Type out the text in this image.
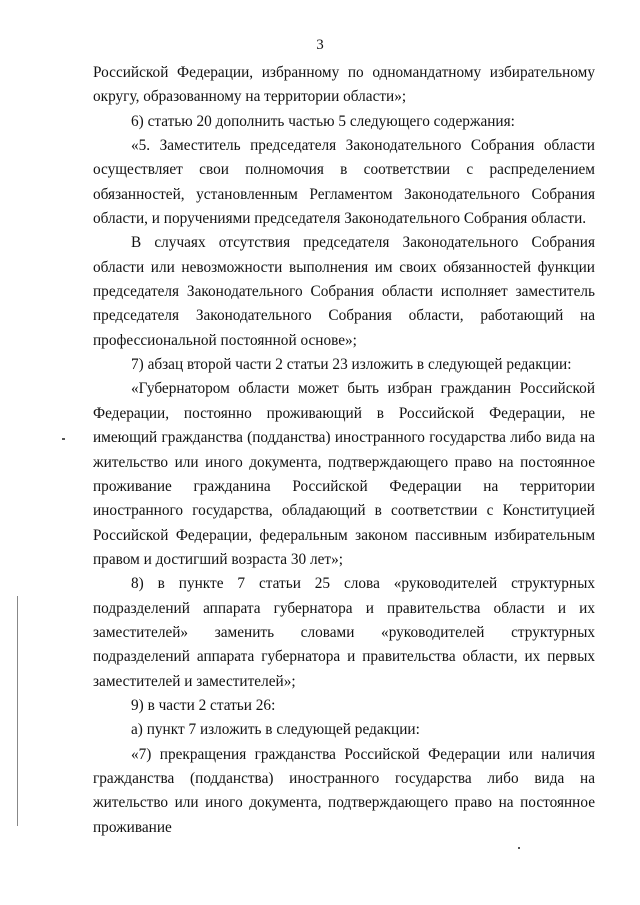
3

Российской Федерации, избранному по одномандатному избирательному округу, образованному на территории области»;

6) статью 20 дополнить частью 5 следующего содержания:

«5. Заместитель председателя Законодательного Собрания области осуществляет свои полномочия в соответствии с распределением обязанностей, установленным Регламентом Законодательного Собрания области, и поручениями председателя Законодательного Собрания области.

В случаях отсутствия председателя Законодательного Собрания области или невозможности выполнения им своих обязанностей функции председателя Законодательного Собрания области исполняет заместитель председателя Законодательного Собрания области, работающий на профессиональной постоянной основе»;

7) абзац второй части 2 статьи 23 изложить в следующей редакции:

«Губернатором области может быть избран гражданин Российской Федерации, постоянно проживающий в Российской Федерации, не имеющий гражданства (подданства) иностранного государства либо вида на жительство или иного документа, подтверждающего право на постоянное проживание гражданина Российской Федерации на территории иностранного государства, обладающий в соответствии с Конституцией Российской Федерации, федеральным законом пассивным избирательным правом и достигший возраста 30 лет»;

8) в пункте 7 статьи 25 слова «руководителей структурных подразделений аппарата губернатора и правительства области и их заместителей» заменить словами «руководителей структурных подразделений аппарата губернатора и правительства области, их первых заместителей и заместителей»;

9) в части 2 статьи 26:

а) пункт 7 изложить в следующей редакции:

«7) прекращения гражданства Российской Федерации или наличия гражданства (подданства) иностранного государства либо вида на жительство или иного документа, подтверждающего право на постоянное проживание
